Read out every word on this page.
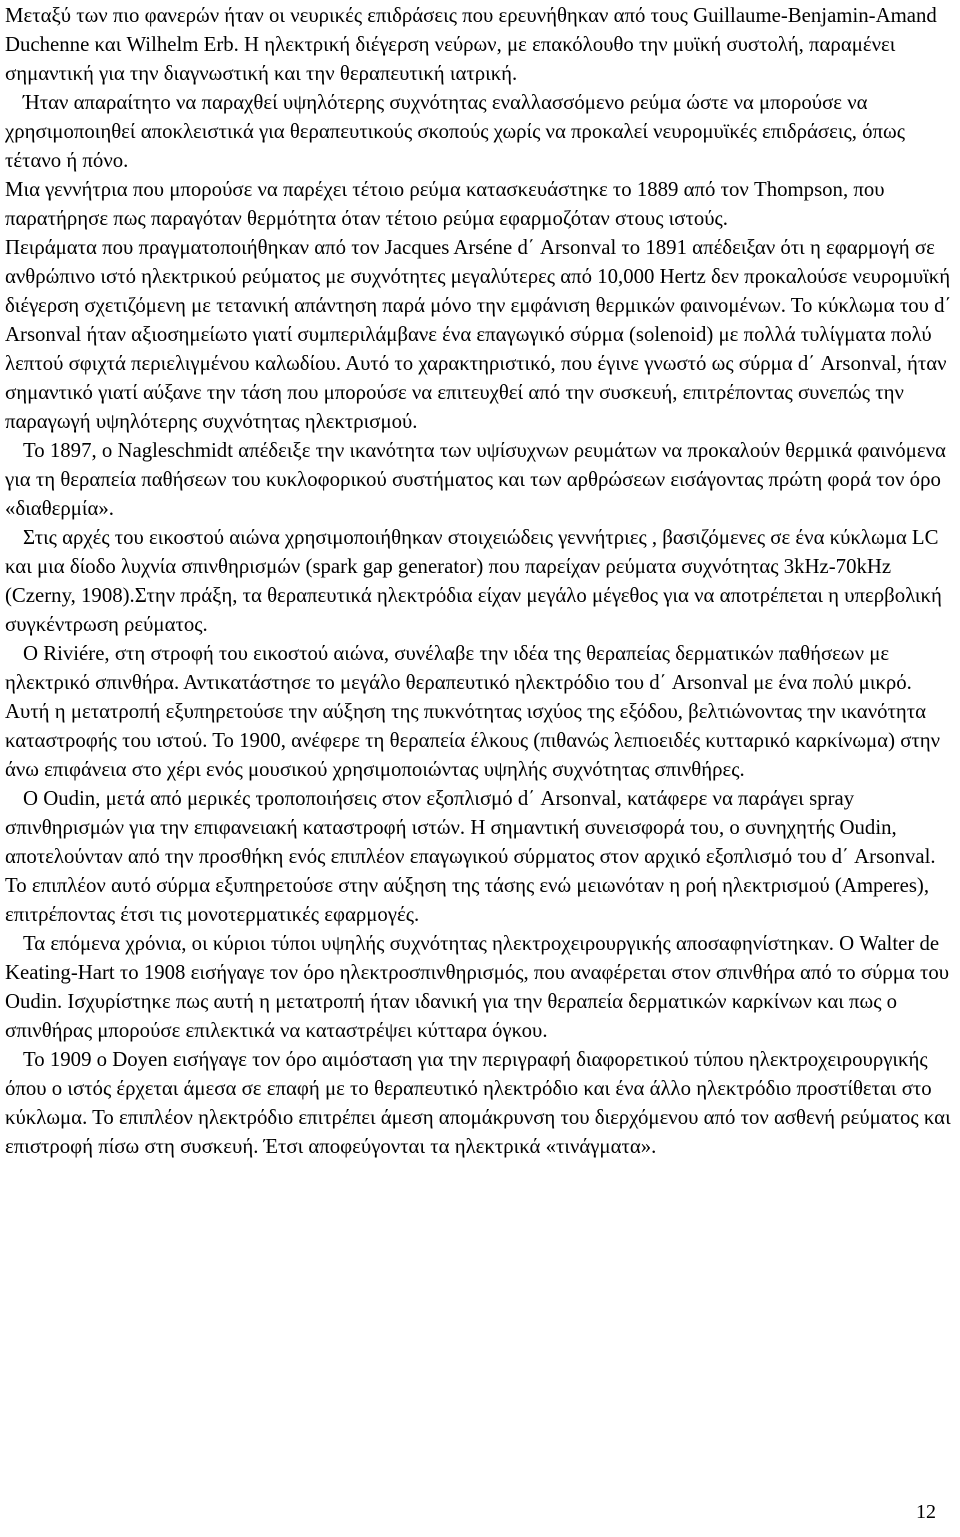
Μεταξύ των πιο φανερών ήταν οι νευρικές επιδράσεις που ερευνήθηκαν από τους Guillaume-Benjamin-Amand Duchenne και Wilhelm Erb. Η ηλεκτρική διέγερση νεύρων, με επακόλουθο την μυϊκή συστολή, παραμένει σημαντική για την διαγνωστική και την θεραπευτική ιατρική.

Ήταν απαραίτητο να παραχθεί υψηλότερης συχνότητας εναλλασσόμενο ρεύμα ώστε να μπορούσε να χρησιμοποιηθεί αποκλειστικά για θεραπευτικούς σκοπούς χωρίς να προκαλεί νευρομυϊκές επιδράσεις, όπως τέτανο ή πόνο.

Μια γεννήτρια που μπορούσε να παρέχει τέτοιο ρεύμα κατασκευάστηκε το 1889 από τον Thompson, που παρατήρησε πως παραγόταν θερμότητα όταν τέτοιο ρεύμα εφαρμοζόταν στους ιστούς.

Πειράματα που πραγματοποιήθηκαν από τον Jacques Arséne d΄ Arsonval το 1891 απέδειξαν ότι η εφαρμογή σε ανθρώπινο ιστό ηλεκτρικού ρεύματος με συχνότητες μεγαλύτερες από 10,000 Hertz δεν προκαλούσε νευρομυϊκή διέγερση σχετιζόμενη με τετανική απάντηση παρά μόνο την εμφάνιση θερμικών φαινομένων. Το κύκλωμα του d΄ Arsonval ήταν αξιοσημείωτο γιατί συμπεριλάμβανε ένα επαγωγικό σύρμα (solenoid) με πολλά τυλίγματα πολύ λεπτού σφιχτά περιελιγμένου καλωδίου. Αυτό το χαρακτηριστικό, που έγινε γνωστό ως σύρμα d΄ Arsonval, ήταν σημαντικό γιατί αύξανε την τάση που μπορούσε να επιτευχθεί από την συσκευή, επιτρέποντας συνεπώς την παραγωγή υψηλότερης συχνότητας ηλεκτρισμού.

Το 1897, ο Nagleschmidt απέδειξε την ικανότητα των υψίσυχνων ρευμάτων να προκαλούν θερμικά φαινόμενα για τη θεραπεία παθήσεων του κυκλοφορικού συστήματος και των αρθρώσεων εισάγοντας πρώτη φορά τον όρο «διαθερμία».

Στις αρχές του εικοστού αιώνα χρησιμοποιήθηκαν στοιχειώδεις γεννήτριες , βασιζόμενες σε ένα κύκλωμα LC και μια δίοδο λυχνία σπινθηρισμών (spark gap generator) που παρείχαν ρεύματα συχνότητας 3kHz-70kHz (Czerny, 1908).Στην πράξη, τα θεραπευτικά ηλεκτρόδια είχαν μεγάλο μέγεθος για να αποτρέπεται η υπερβολική συγκέντρωση ρεύματος.

Ο Riviére, στη στροφή του εικοστού αιώνα, συνέλαβε την ιδέα της θεραπείας δερματικών παθήσεων με ηλεκτρικό σπινθήρα. Αντικατάστησε το μεγάλο θεραπευτικό ηλεκτρόδιο του d΄ Arsonval με ένα πολύ μικρό. Αυτή η μετατροπή εξυπηρετούσε την αύξηση της πυκνότητας ισχύος της εξόδου, βελτιώνοντας την ικανότητα καταστροφής του ιστού. Το 1900, ανέφερε τη θεραπεία έλκους (πιθανώς λεπιοειδές κυτταρικό καρκίνωμα) στην άνω επιφάνεια στο χέρι ενός μουσικού χρησιμοποιώντας υψηλής συχνότητας σπινθήρες.

Ο Oudin, μετά από μερικές τροποποιήσεις στον εξοπλισμό d΄ Arsonval, κατάφερε να παράγει spray σπινθηρισμών για την επιφανειακή καταστροφή ιστών. Η σημαντική συνεισφορά του, ο συνηχητής Oudin, αποτελούνταν από την προσθήκη ενός επιπλέον επαγωγικού σύρματος στον αρχικό εξοπλισμό του d΄ Arsonval. Το επιπλέον αυτό σύρμα εξυπηρετούσε στην αύξηση της τάσης ενώ μειωνόταν η ροή ηλεκτρισμού (Amperes), επιτρέποντας έτσι τις μονοτερματικές εφαρμογές.

Τα επόμενα χρόνια, οι κύριοι τύποι υψηλής συχνότητας ηλεκτροχειρουργικής αποσαφηνίστηκαν. Ο Walter de Keating-Hart το 1908 εισήγαγε τον όρο ηλεκτροσπινθηρισμός, που αναφέρεται στον σπινθήρα από το σύρμα του Oudin. Ισχυρίστηκε πως αυτή η μετατροπή ήταν ιδανική για την θεραπεία δερματικών καρκίνων και πως ο σπινθήρας μπορούσε επιλεκτικά να καταστρέψει κύτταρα όγκου.

Το 1909 ο Doyen εισήγαγε τον όρο αιμόσταση για την περιγραφή διαφορετικού τύπου ηλεκτροχειρουργικής όπου ο ιστός έρχεται άμεσα σε επαφή με το θεραπευτικό ηλεκτρόδιο και ένα άλλο ηλεκτρόδιο προστίθεται στο κύκλωμα. Το επιπλέον ηλεκτρόδιο επιτρέπει άμεση απομάκρυνση του διερχόμενου από τον ασθενή ρεύματος και επιστροφή πίσω στη συσκευή. Έτσι αποφεύγονται τα ηλεκτρικά «τινάγματα».

12
